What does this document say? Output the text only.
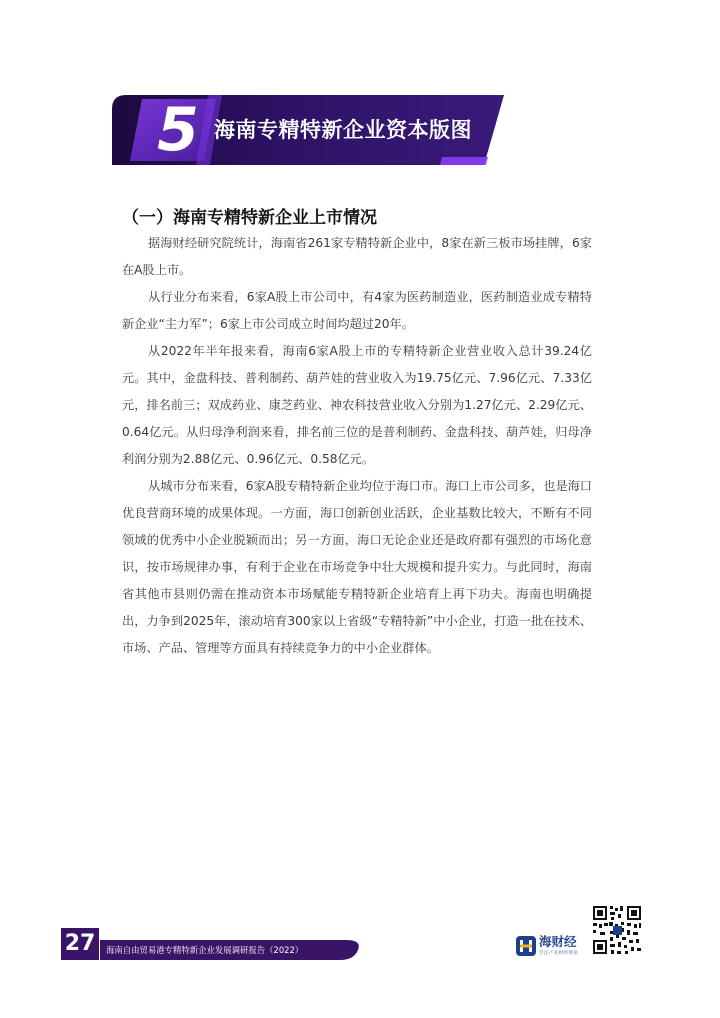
5 海南专精特新企业资本版图
（一）海南专精特新企业上市情况

据海财经研究院统计，海南省261家专精特新企业中，8家在新三板市场挂牌，6家在A股上市。

从行业分布来看，6家A股上市公司中，有4家为医药制造业，医药制造业成专精特新企业“主力军”；6家上市公司成立时间均超过20年。

从2022年半年报来看，海南6家A股上市的专精特新企业营业收入总计39.24亿元。其中，金盘科技、普利制药、葫芦娃的营业收入为19.75亿元、7.96亿元、7.33亿元，排名前三；双成药业、康芝药业、神农科技营业收入分别为1.27亿元、2.29亿元、0.64亿元。从归母净利润来看，排名前三位的是普利制药、金盘科技、葫芦娃，归母净利润分别为2.88亿元、0.96亿元、0.58亿元。

从城市分布来看，6家A股专精特新企业均位于海口市。海口上市公司多，也是海口优良营商环境的成果体现。一方面，海口创新创业活跃，企业基数比较大，不断有不同领域的优秀中小企业脱颖而出；另一方面，海口无论企业还是政府都有强烈的市场化意识，按市场规律办事，有利于企业在市场竞争中壮大规模和提升实力。与此同时，海南省其他市县则仍需在推动资本市场赋能专精特新企业培育上再下功夫。海南也明确提出，力争到2025年，滚动培育300家以上省级“专精特新”中小企业，打造一批在技术、市场、产品、管理等方面具有持续竞争力的中小企业群体。

27	海南自由贸易港专精特新企业发展调研报告（2022）
海财经
专注产业财经资讯
